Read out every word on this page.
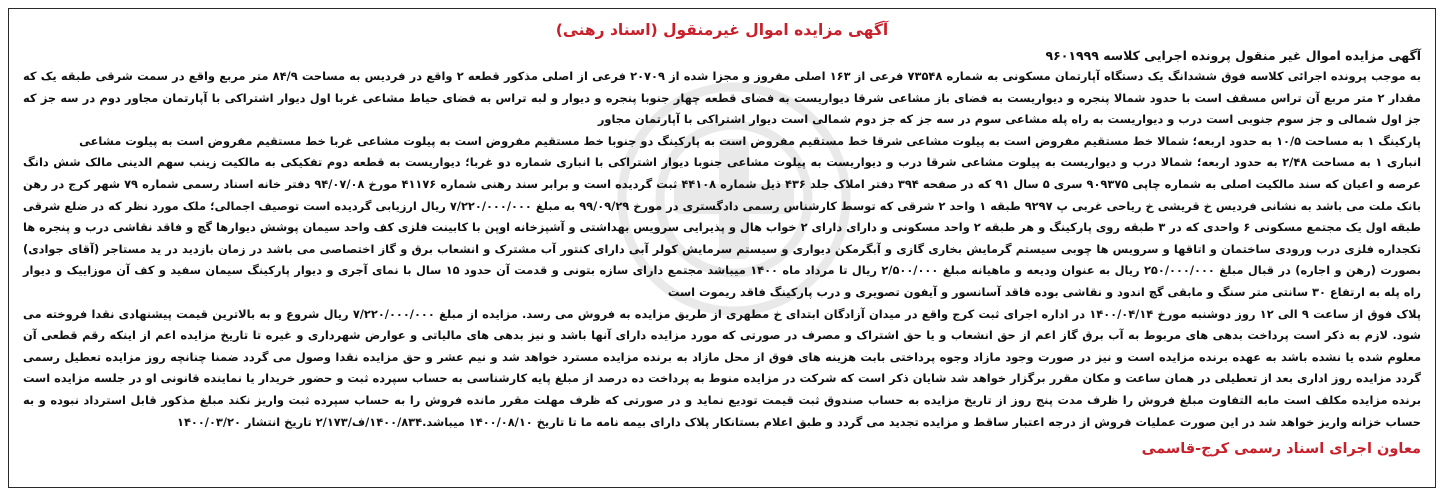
آگهی مزایده اموال غیرمنقول (اسناد رهنی)

آگهی مزایده اموال غیر منقول پرونده اجرایی کلاسه ۹۶۰۱۹۹۹

به موجب پرونده اجرائی کلاسه فوق ششدانگ یک دستگاه آپارتمان مسکونی به شماره ۷۳۵۴۸ فرعی از ۱۶۳ اصلی مفروز و مجزا شده از ۲۰۷۰۹ فرعی از اصلی مذکور قطعه ۲ واقع در فردیس به مساحت ۸۴/۹ متر مربع واقع در سمت شرقی طبقه یک که مقدار ۲ متر مربع آن تراس مسقف است با حدود شمالا پنجره و دیواریست به فضای باز مشاعی شرقا دیواریست به فضای قطعه چهار جنوبا پنجره و دیوار و لبه تراس به فضای حیاط مشاعی غربا اول دیوار اشتراکی با آپارتمان مجاور دوم در سه جز که جز اول شمالی و جز سوم جنوبی است درب و دیواریست به راه پله مشاعی سوم در سه جز که جز دوم شمالی است دیوار اشتراکی با آپارتمان مجاور

پارکینگ ۱ به مساحت ۱۰/۵ به حدود اربعه؛ شمالا خط مستقیم مفروض است به پیلوت مشاعی شرقا خط مستقیم مفروض است به پارکینگ دو جنوبا خط مستقیم مفروض است به پیلوت مشاعی غربا خط مستقیم مفروض است به پیلوت مشاعی

انباری ۱ به مساحت ۲/۴۸ به حدود اربعه؛ شمالا درب و دیواریست به پیلوت مشاعی شرقا درب و دیواریست به پیلوت مشاعی جنوبا دیوار اشتراکی با انباری شماره دو غربا؛ دیواریست به قطعه دوم تفکیکی به مالکیت زینب سهم الدینی مالک شش دانگ عرصه و اعیان که سند مالکیت اصلی به شماره چاپی ۹۰۹۳۷۵ سری ۵ سال ۹۱ که در صفحه ۳۹۴ دفتر املاک جلد ۴۳۶ ذیل شماره ۴۴۱۰۸ ثبت گردیده است و برابر سند رهنی شماره ۴۱۱۷۶ مورخ ۹۴/۰۷/۰۸ دفتر خانه اسناد رسمی شماره ۷۹ شهر کرج در رهن بانک ملت می باشد به نشانی فردیس خ قریشی خ ریاحی غربی پ ۹۲۹۷ طبقه ۱ واحد ۲ شرقی که توسط کارشناس رسمی دادگستری در مورخ ۹۹/۰۹/۲۹ به مبلغ ۷/۲۲۰/۰۰۰/۰۰۰ ریال ارزیابی گردیده است توصیف اجمالی؛ ملک مورد نظر که در ضلع شرقی طبقه اول یک مجتمع مسکونی ۶ واحدی که در ۳ طبقه روی پارکینگ و هر طبقه ۲ واحد مسکونی و دارای دارای ۲ خواب هال و پذیرایی سرویس بهداشتی و آشپزخانه اوپن با کابینت فلزی کف واحد سیمان پوشش دیوارها گچ و فاقد نقاشی درب و پنجره ها تکجداره فلزی درب ورودی ساختمان و اتاقها و سرویس ها چوبی سیستم گرمایش بخاری گازی و آبگرمکن دیواری و سیستم سرمایش کولر آبی دارای کنتور آب مشترک و انشعاب برق و گاز اختصاصی می باشد در زمان بازدید در ید مستاجر (آقای جوادی) بصورت (رهن و اجاره) در قبال مبلغ ۲۵۰/۰۰۰/۰۰۰ ریال به عنوان ودیعه و ماهیانه مبلغ ۲/۵۰۰/۰۰۰ ریال تا مرداد ماه ۱۴۰۰ میباشد مجتمع دارای سازه بتونی و قدمت آن حدود ۱۵ سال با نمای آجری و دیوار پارکینگ سیمان سفید و کف آن موزاییک و دیوار راه پله به ارتفاع ۳۰ سانتی متر سنگ و مابقی گچ اندود و نقاشی بوده فاقد آسانسور و آیفون تصویری و درب پارکینگ فاقد ریموت است

پلاک فوق از ساعت ۹ الی ۱۲ روز دوشنبه مورخ ۱۴۰۰/۰۴/۱۴ در اداره اجرای ثبت کرج واقع در میدان آزادگان ابتدای خ مطهری از طریق مزایده به فروش می رسد. مزایده از مبلغ ۷/۲۲۰/۰۰۰/۰۰۰ ریال شروع و به بالاترین قیمت پیشنهادی نقدا فروخته می شود. لازم به ذکر است پرداخت بدهی های مربوط به آب برق گاز اعم از حق انشعاب و یا حق اشتراک و مصرف در صورتی که مورد مزایده دارای آنها باشد و نیز بدهی های مالیاتی و عوارض شهرداری و غیره تا تاریخ مزایده اعم از اینکه رقم قطعی آن معلوم شده یا نشده باشد به عهده برنده مزایده است و نیز در صورت وجود مازاد وجوه پرداختی بابت هزینه های فوق از محل مازاد به برنده مزایده مسترد خواهد شد و نیم عشر و حق مزایده نقدا وصول می گردد ضمنا چنانچه روز مزایده تعطیل رسمی گردد مزایده روز اداری بعد از تعطیلی در همان ساعت و مکان مقرر برگزار خواهد شد شایان ذکر است که شرکت در مزایده منوط به پرداخت ده درصد از مبلغ پایه کارشناسی به حساب سپرده ثبت و حضور خریدار یا نماینده قانونی او در جلسه مزایده است برنده مزایده مکلف است مابه التفاوت مبلغ فروش را ظرف مدت پنج روز از تاریخ مزایده به حساب صندوق ثبت قیمت تودیع نماید و در صورتی که ظرف مهلت مقرر مانده فروش را به حساب سپرده ثبت واریز نکند مبلغ مذکور قابل استرداد نبوده و به حساب خزانه واریز خواهد شد در این صورت عملیات فروش از درجه اعتبار ساقط و مزایده تجدید می گردد و طبق اعلام بستانکار پلاک دارای بیمه نامه ما تا تاریخ ۱۴۰۰/۰۸/۱۰ میباشد.۱۴۰۰/۸۳۴/ف/۲/۱۷۳ تاریخ انتشار ۱۴۰۰/۰۳/۲۰

معاون اجرای اسناد رسمی کرج-قاسمی
